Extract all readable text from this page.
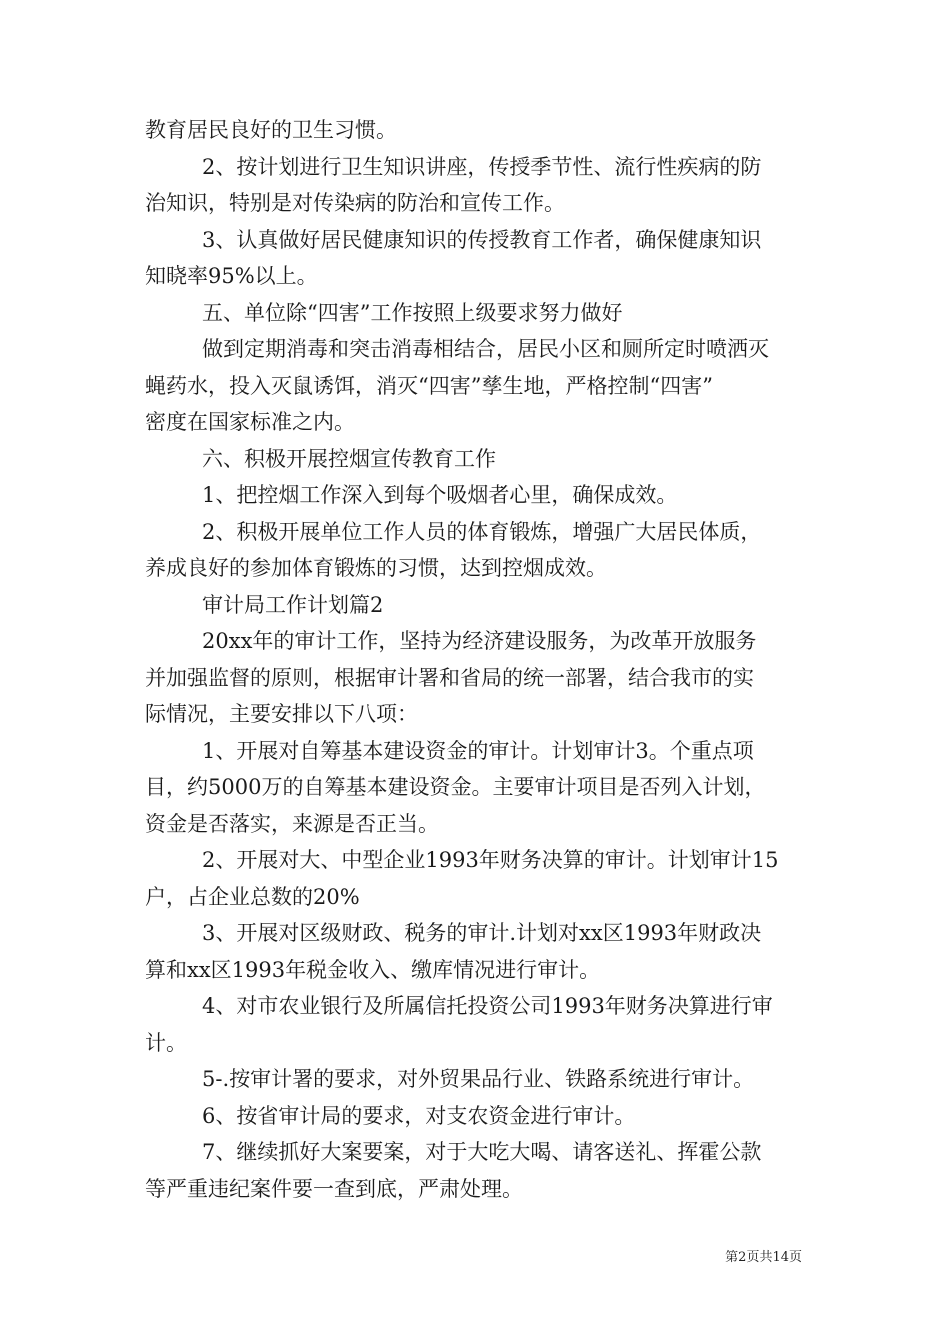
教育居民良好的卫生习惯。
2、按计划进行卫生知识讲座，传授季节性、流行性疾病的防
治知识，特别是对传染病的防治和宣传工作。
3、认真做好居民健康知识的传授教育工作者，确保健康知识
知晓率95%以上。
五、单位除“四害”工作按照上级要求努力做好
做到定期消毒和突击消毒相结合，居民小区和厕所定时喷洒灭
蝇药水，投入灭鼠诱饵，消灭“四害”孳生地，严格控制“四害”
密度在国家标准之内。
六、积极开展控烟宣传教育工作
1、把控烟工作深入到每个吸烟者心里，确保成效。
2、积极开展单位工作人员的体育锻炼，增强广大居民体质，
养成良好的参加体育锻炼的习惯，达到控烟成效。
审计局工作计划篇2
20xx年的审计工作，坚持为经济建设服务，为改革开放服务
并加强监督的原则，根据审计署和省局的统一部署，结合我市的实
际情况，主要安排以下八项：
1、开展对自筹基本建设资金的审计。计划审计3。个重点项
目，约5000万的自筹基本建设资金。主要审计项目是否列入计划，
资金是否落实，来源是否正当。
2、开展对大、中型企业1993年财务决算的审计。计划审计15
户，占企业总数的20%
3、开展对区级财政、税务的审计.计划对xx区1993年财政决
算和xx区1993年税金收入、缴库情况进行审计。
4、对市农业银行及所属信托投资公司1993年财务决算进行审
计。
5-.按审计署的要求，对外贸果品行业、铁路系统进行审计。
6、按省审计局的要求，对支农资金进行审计。
7、继续抓好大案要案，对于大吃大喝、请客送礼、挥霍公款
等严重违纪案件要一查到底，严肃处理。
第2页共14页
